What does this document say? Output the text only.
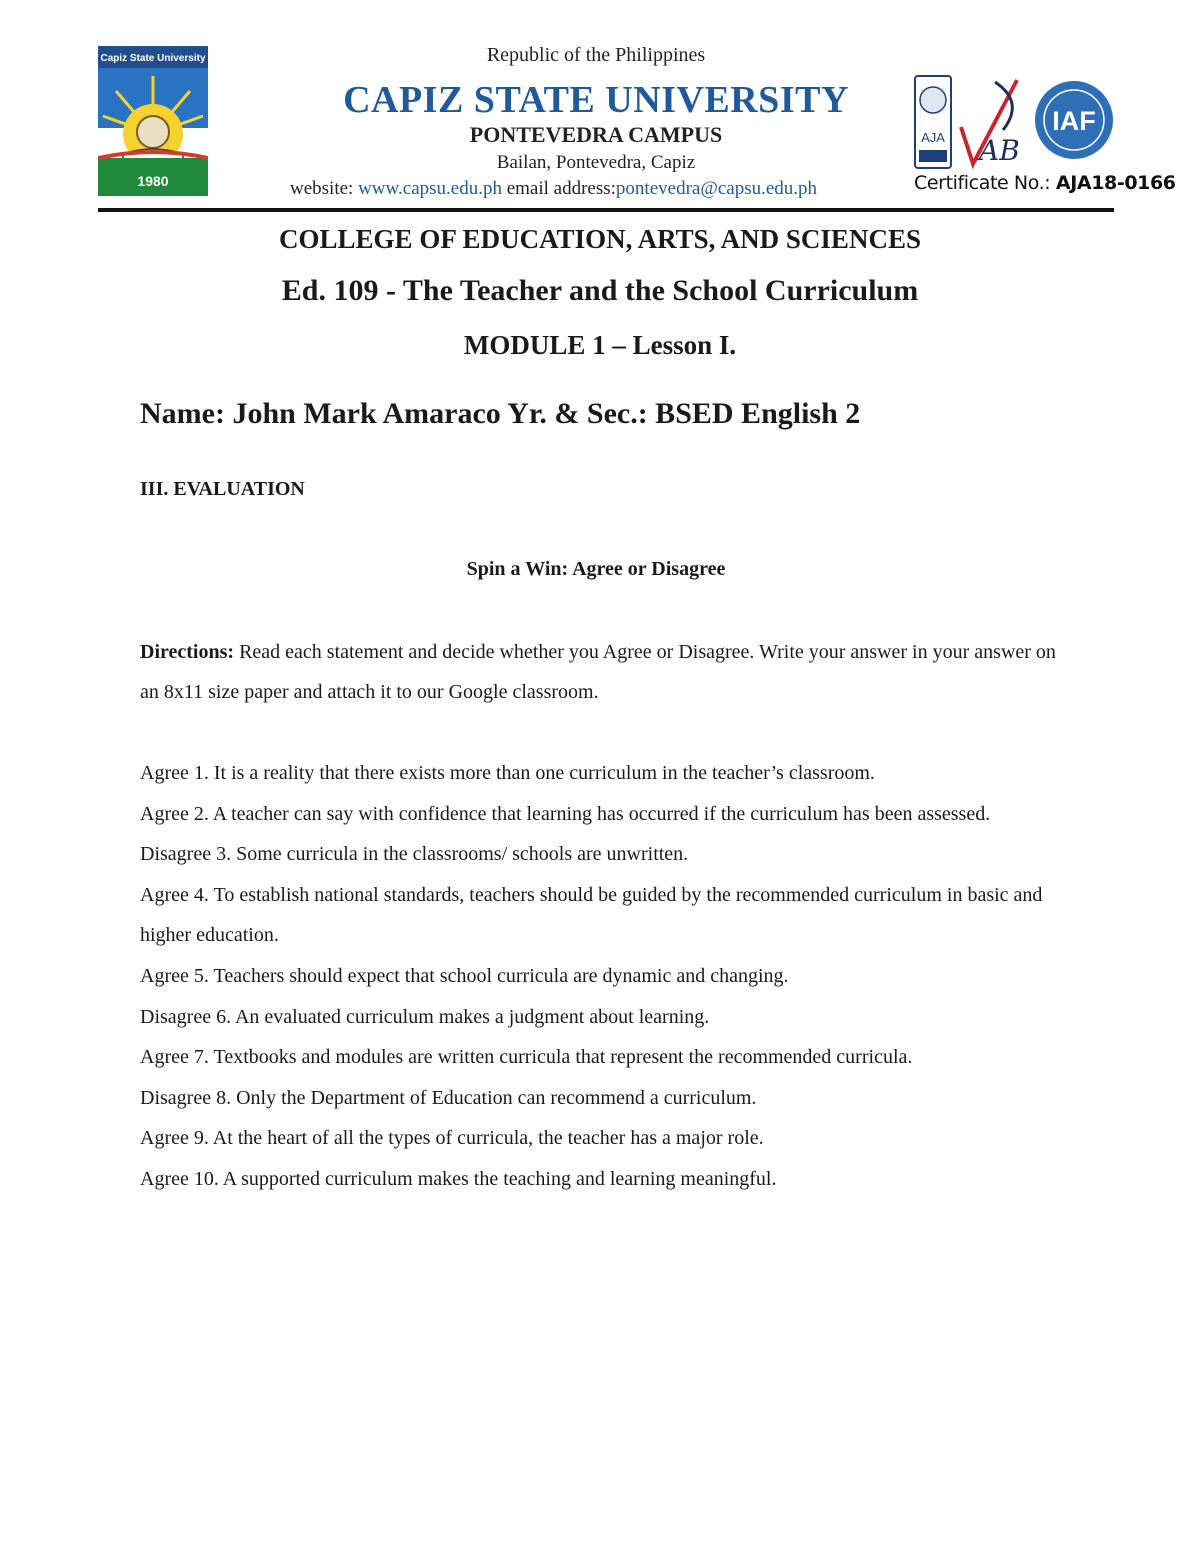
Capiz State University
1980
Republic of the Philippines
CAPIZ STATE UNIVERSITY
PONTEVEDRA CAMPUS
Bailan, Pontevedra, Capiz
website: www.capsu.edu.ph email address:pontevedra@capsu.edu.ph
AJA AB
IAF
Certificate No.: AJA18-0166
COLLEGE OF EDUCATION, ARTS, AND SCIENCES
Ed. 109 - The Teacher and the School Curriculum
MODULE 1 – Lesson I.
Name: John Mark Amaraco Yr. & Sec.: BSED English 2
III. EVALUATION
Spin a Win: Agree or Disagree
Directions: Read each statement and decide whether you Agree or Disagree. Write your answer in your answer on an 8x11 size paper and attach it to our Google classroom.
Agree 1. It is a reality that there exists more than one curriculum in the teacher’s classroom.
Agree 2. A teacher can say with confidence that learning has occurred if the curriculum has been assessed.
Disagree 3. Some curricula in the classrooms/ schools are unwritten.
Agree 4. To establish national standards, teachers should be guided by the recommended curriculum in basic and higher education.
Agree 5. Teachers should expect that school curricula are dynamic and changing.
Disagree 6. An evaluated curriculum makes a judgment about learning.
Agree 7. Textbooks and modules are written curricula that represent the recommended curricula.
Disagree 8. Only the Department of Education can recommend a curriculum.
Agree 9. At the heart of all the types of curricula, the teacher has a major role.
Agree 10. A supported curriculum makes the teaching and learning meaningful.
